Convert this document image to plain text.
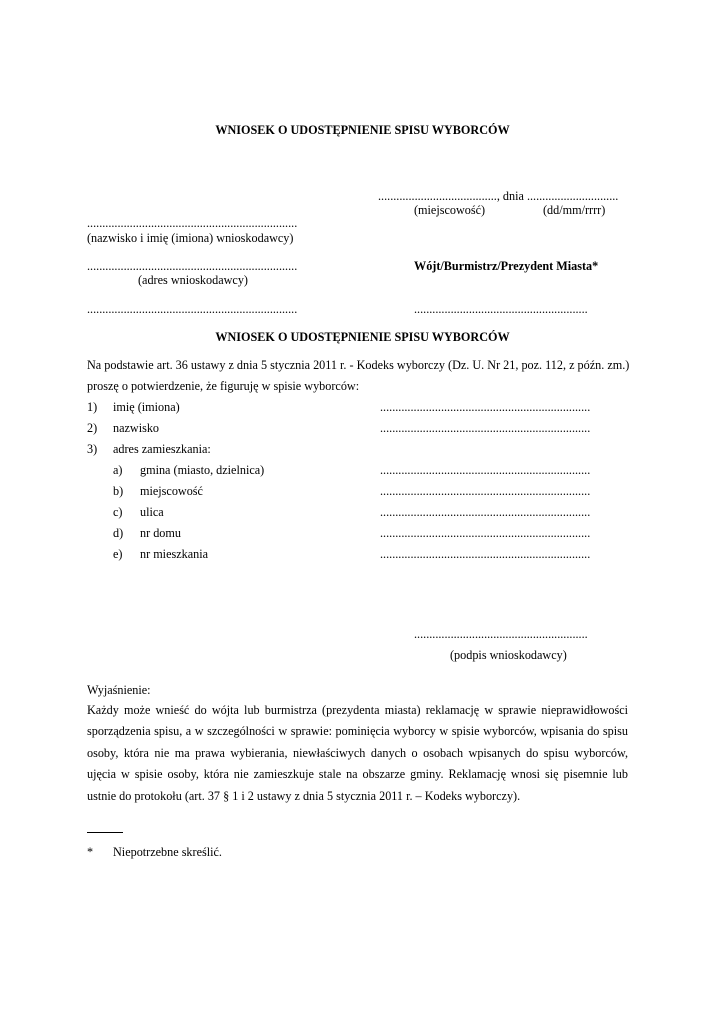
WNIOSEK O UDOSTĘPNIENIE SPISU WYBORCÓW
......................................., dnia ..............................
(miejscowość)	(dd/mm/rrrr)
.....................................................................
(nazwisko i imię (imiona) wnioskodawcy)
.....................................................................
(adres wnioskodawcy)
.....................................................................
Wójt/Burmistrz/Prezydent Miasta*
.........................................................
WNIOSEK O UDOSTĘPNIENIE SPISU WYBORCÓW
Na podstawie art. 36 ustawy z dnia 5 stycznia 2011 r. - Kodeks wyborczy (Dz. U. Nr 21, poz. 112, z późn. zm.)
proszę o potwierdzenie, że figuruję w spisie wyborców:
1) imię (imiona)	.....................................................................
2) nazwisko	.....................................................................
3) adres zamieszkania:
a) gmina (miasto, dzielnica)	.....................................................................
b) miejscowość	.....................................................................
c) ulica	.....................................................................
d) nr domu	.....................................................................
e) nr mieszkania	.....................................................................
.........................................................
(podpis wnioskodawcy)
Wyjaśnienie:
Każdy może wnieść do wójta lub burmistrza (prezydenta miasta) reklamację w sprawie nieprawidłowości sporządzenia spisu, a w szczególności w sprawie: pominięcia wyborcy w spisie wyborców, wpisania do spisu osoby, która nie ma prawa wybierania, niewłaściwych danych o osobach wpisanych do spisu wyborców, ujęcia w spisie osoby, która nie zamieszkuje stale na obszarze gminy. Reklamację wnosi się pisemnie lub ustnie do protokołu (art. 37 § 1 i 2 ustawy z dnia 5 stycznia 2011 r. – Kodeks wyborczy).
* Niepotrzebne skreślić.
